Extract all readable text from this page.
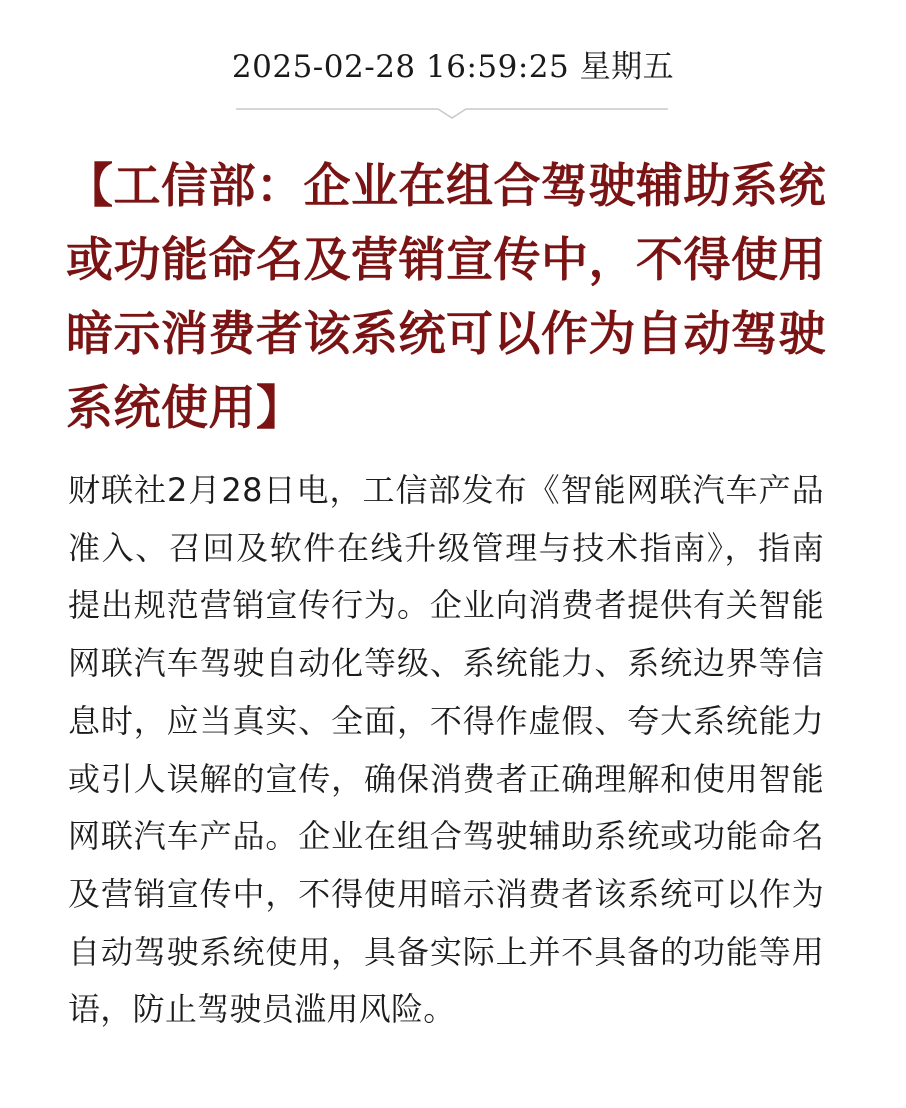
2025-02-28 16:59:25 星期五
【工信部：企业在组合驾驶辅助系统或功能命名及营销宣传中，不得使用暗示消费者该系统可以作为自动驾驶系统使用】

财联社2月28日电，工信部发布《智能网联汽车产品准入、召回及软件在线升级管理与技术指南》，指南提出规范营销宣传行为。企业向消费者提供有关智能网联汽车驾驶自动化等级、系统能力、系统边界等信息时，应当真实、全面，不得作虚假、夸大系统能力或引人误解的宣传，确保消费者正确理解和使用智能网联汽车产品。企业在组合驾驶辅助系统或功能命名及营销宣传中，不得使用暗示消费者该系统可以作为自动驾驶系统使用，具备实际上并不具备的功能等用语，防止驾驶员滥用风险。
